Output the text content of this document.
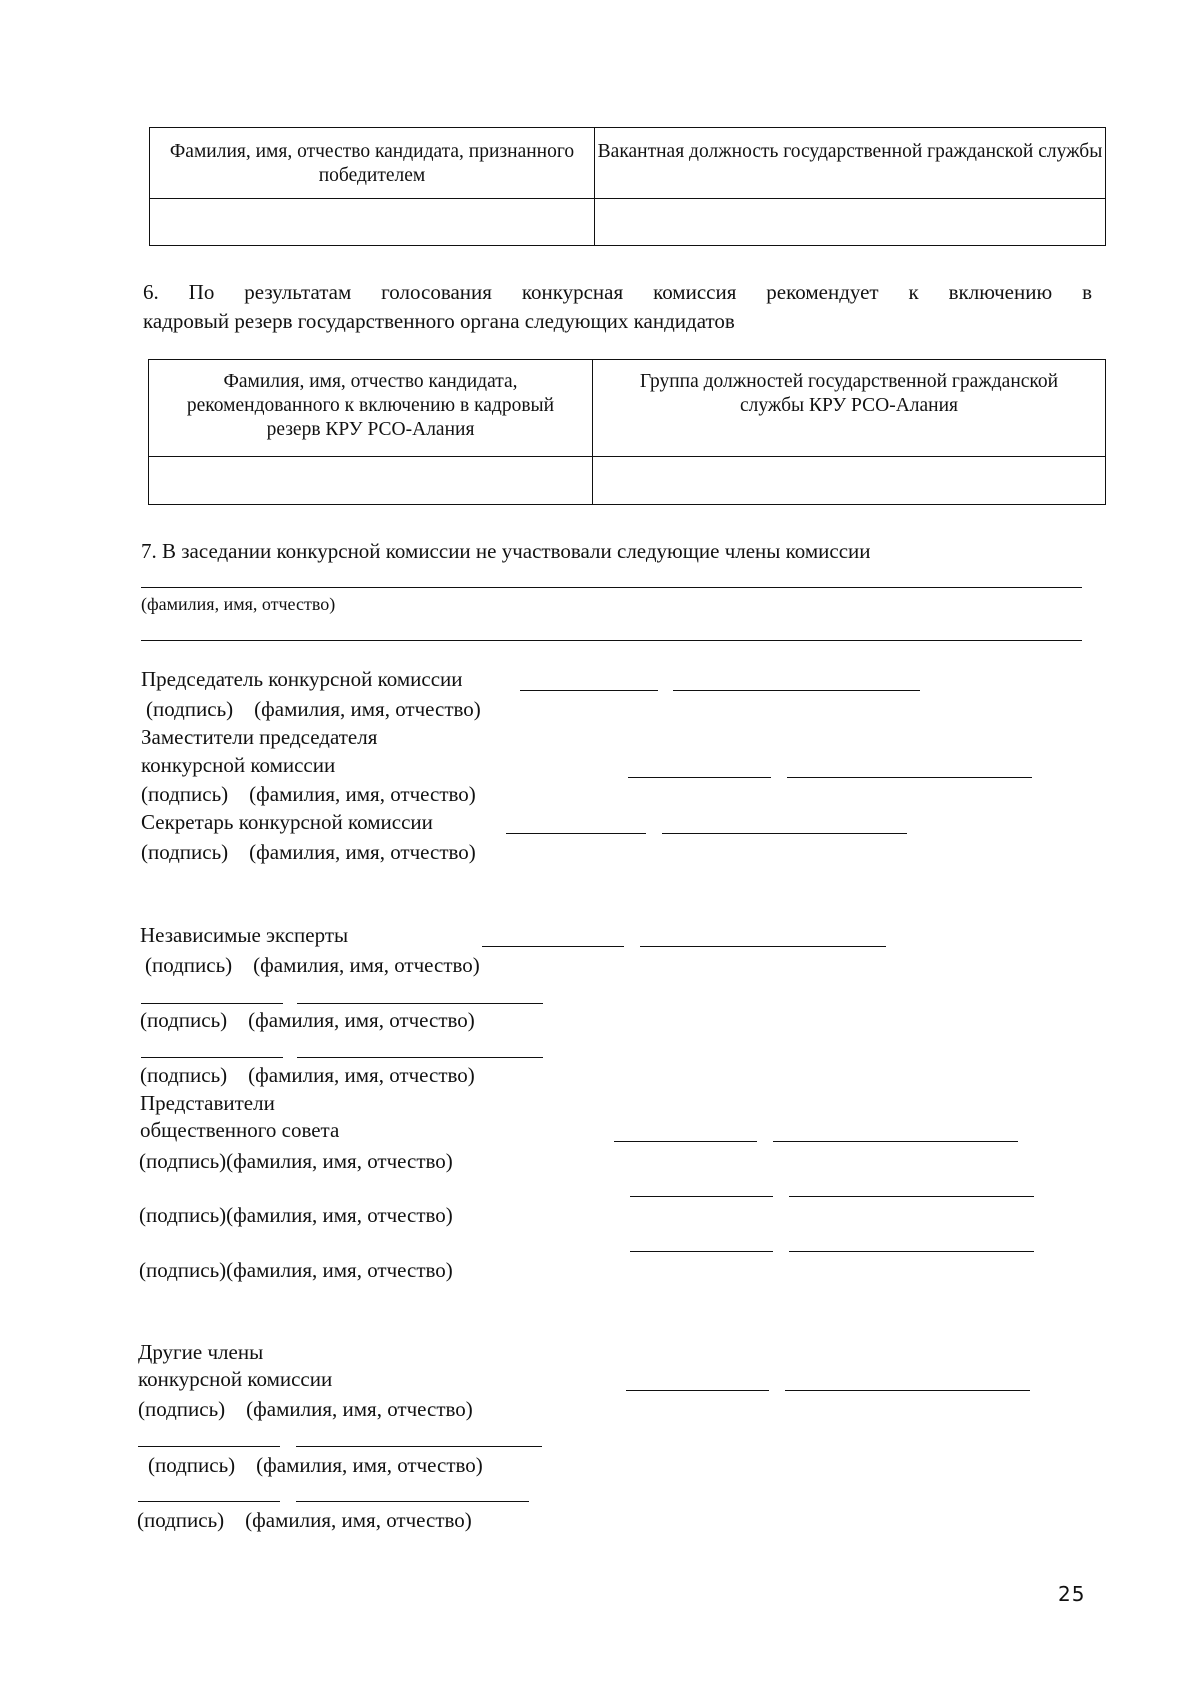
Фамилия, имя, отчество кандидата, признанного победителем	Вакантная должность государственной гражданской службы

6. По результатам голосования конкурсная комиссия рекомендует к включению в
кадровый резерв государственного органа следующих кандидатов
Фамилия, имя, отчество кандидата, рекомендованного к включению в кадровый резерв КРУ РСО-Алания	Группа должностей государственной гражданской службы КРУ РСО-Алания

7. В заседании конкурсной комиссии не участвовали следующие члены комиссии
(фамилия, имя, отчество)
Председатель конкурсной комиссии
(подпись)    (фамилия, имя, отчество)
Заместители председателя
конкурсной комиссии
(подпись)    (фамилия, имя, отчество)
Секретарь конкурсной комиссии
(подпись)    (фамилия, имя, отчество)
Независимые эксперты
(подпись)    (фамилия, имя, отчество)
(подпись)    (фамилия, имя, отчество)
(подпись)    (фамилия, имя, отчество)
Представители
общественного совета
(подпись)(фамилия, имя, отчество)
(подпись)(фамилия, имя, отчество)
(подпись)(фамилия, имя, отчество)
Другие члены
конкурсной комиссии
(подпись)    (фамилия, имя, отчество)
(подпись)    (фамилия, имя, отчество)
(подпись)    (фамилия, имя, отчество)
25
